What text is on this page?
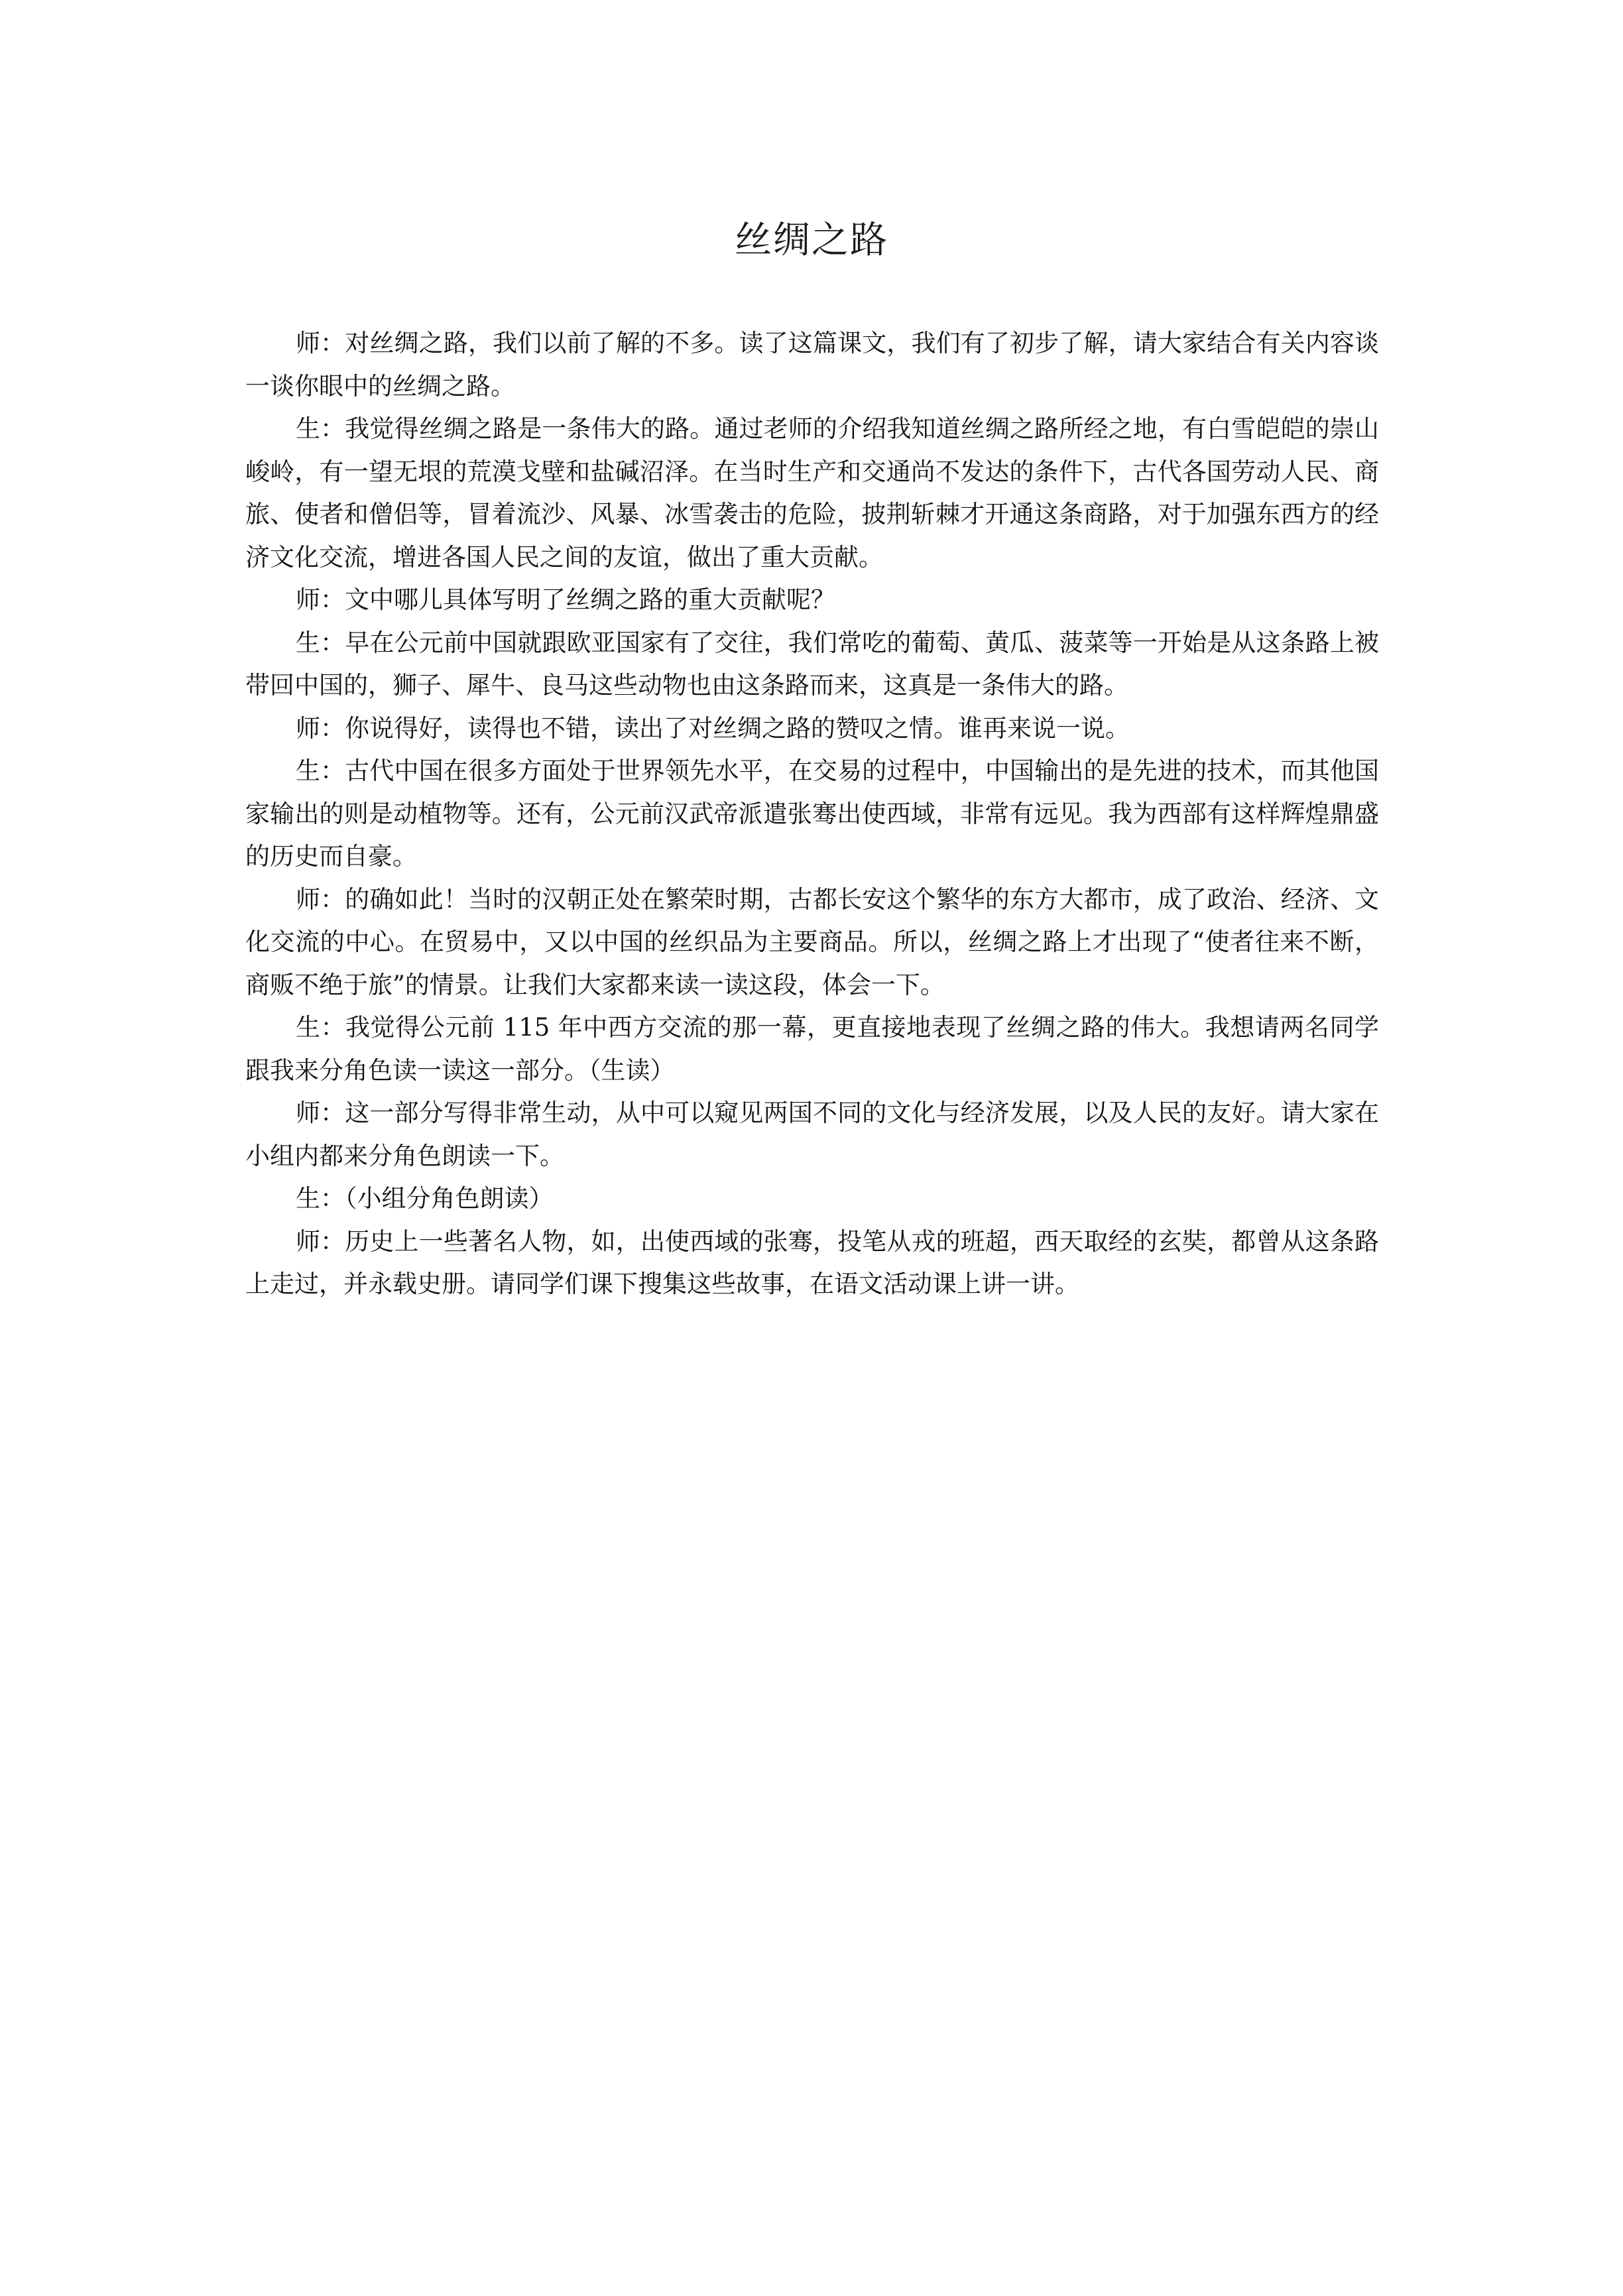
丝绸之路

师：对丝绸之路，我们以前了解的不多。读了这篇课文，我们有了初步了解，请大家结合有关内容谈一谈你眼中的丝绸之路。

生：我觉得丝绸之路是一条伟大的路。通过老师的介绍我知道丝绸之路所经之地，有白雪皑皑的崇山峻岭，有一望无垠的荒漠戈壁和盐碱沼泽。在当时生产和交通尚不发达的条件下，古代各国劳动人民、商旅、使者和僧侣等，冒着流沙、风暴、冰雪袭击的危险，披荆斩棘才开通这条商路，对于加强东西方的经济文化交流，增进各国人民之间的友谊，做出了重大贡献。

师：文中哪儿具体写明了丝绸之路的重大贡献呢？

生：早在公元前中国就跟欧亚国家有了交往，我们常吃的葡萄、黄瓜、菠菜等一开始是从这条路上被带回中国的，狮子、犀牛、良马这些动物也由这条路而来，这真是一条伟大的路。

师：你说得好，读得也不错，读出了对丝绸之路的赞叹之情。谁再来说一说。

生：古代中国在很多方面处于世界领先水平，在交易的过程中，中国输出的是先进的技术，而其他国家输出的则是动植物等。还有，公元前汉武帝派遣张骞出使西域，非常有远见。我为西部有这样辉煌鼎盛的历史而自豪。

师：的确如此！当时的汉朝正处在繁荣时期，古都长安这个繁华的东方大都市，成了政治、经济、文化交流的中心。在贸易中，又以中国的丝织品为主要商品。所以，丝绸之路上才出现了“使者往来不断，商贩不绝于旅”的情景。让我们大家都来读一读这段，体会一下。

生：我觉得公元前 115 年中西方交流的那一幕，更直接地表现了丝绸之路的伟大。我想请两名同学跟我来分角色读一读这一部分。（生读）

师：这一部分写得非常生动，从中可以窥见两国不同的文化与经济发展，以及人民的友好。请大家在小组内都来分角色朗读一下。

生：（小组分角色朗读）

师：历史上一些著名人物，如，出使西域的张骞，投笔从戎的班超，西天取经的玄奘，都曾从这条路上走过，并永载史册。请同学们课下搜集这些故事，在语文活动课上讲一讲。
